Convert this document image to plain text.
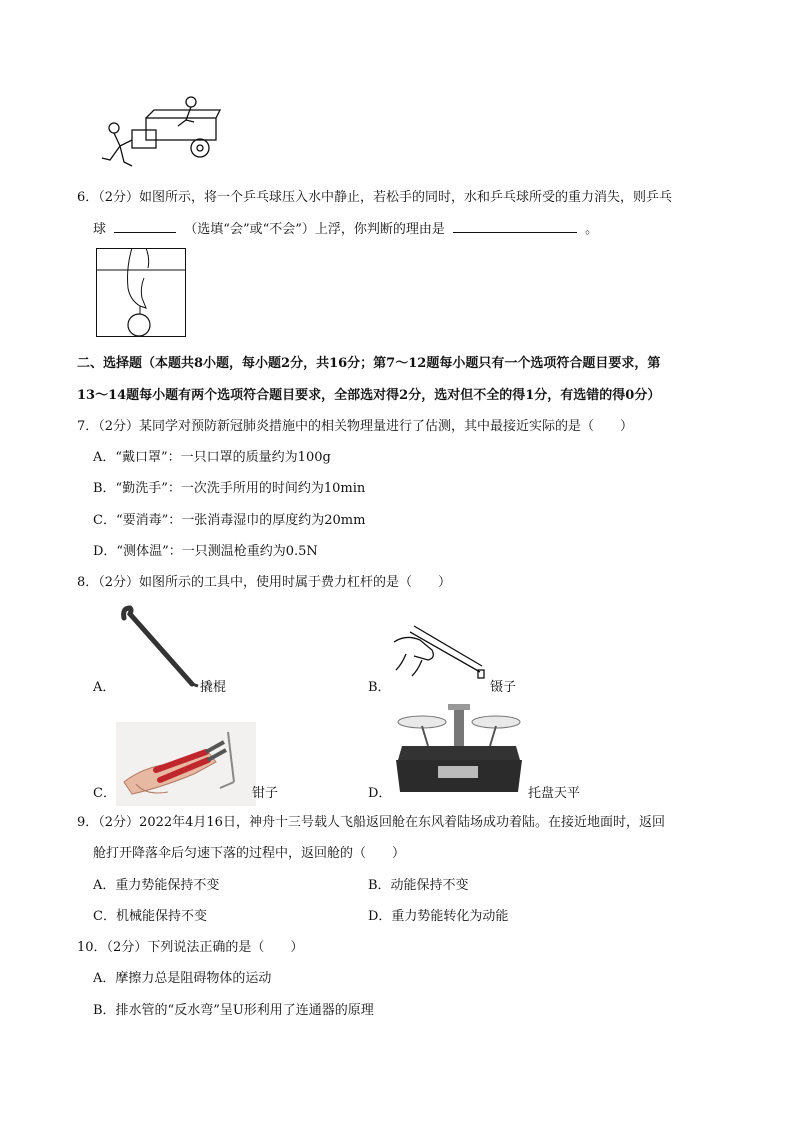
6．（2分）如图所示，将一个乒乓球压入水中静止，若松手的同时，水和乒乓球所受的重力消失，则乒乓
球	（选填“会”或“不会”）上浮，你判断的理由是	。
二、选择题（本题共8小题，每小题2分，共16分；第7～12题每小题只有一个选项符合题目要求，第
13～14题每小题有两个选项符合题目要求，全部选对得2分，选对但不全的得1分，有选错的得0分）
7．（2分）某同学对预防新冠肺炎措施中的相关物理量进行了估测，其中最接近实际的是（　　）
A．“戴口罩”：一只口罩的质量约为100g
B．“勤洗手”：一次洗手所用的时间约为10min
C．“要消毒”：一张消毒湿巾的厚度约为20mm
D．“测体温”：一只测温枪重约为0.5N
8．（2分）如图所示的工具中，使用时属于费力杠杆的是（　　）
A．	撬棍	B．	镊子
C．	钳子	D．	托盘天平
9．（2分）2022年4月16日，神舟十三号载人飞船返回舱在东风着陆场成功着陆。在接近地面时，返回
舱打开降落伞后匀速下落的过程中，返回舱的（　　）
A．重力势能保持不变	B．动能保持不变
C．机械能保持不变	D．重力势能转化为动能
10．（2分）下列说法正确的是（　　）
A．摩擦力总是阻碍物体的运动
B．排水管的“反水弯”呈U形利用了连通器的原理
